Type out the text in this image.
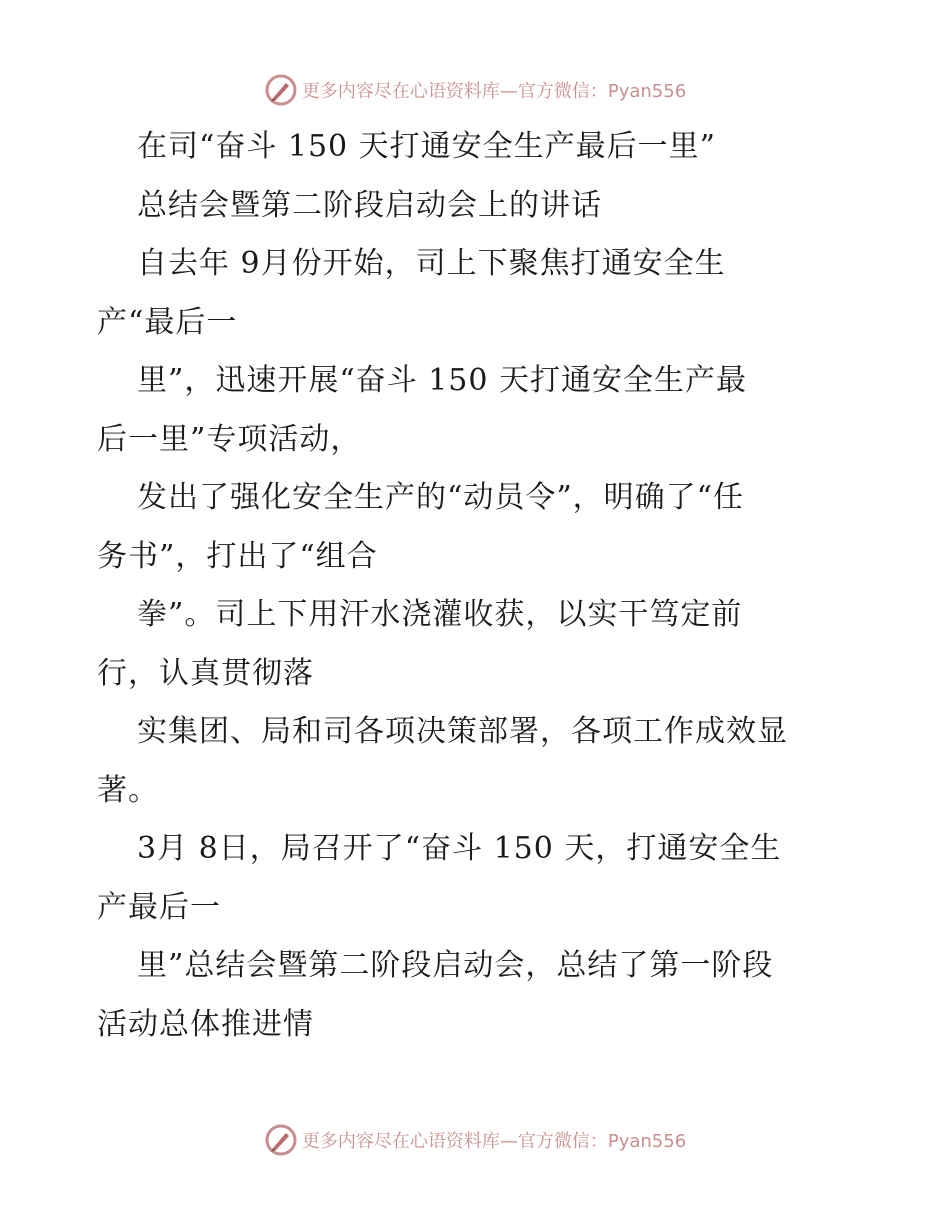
更多内容尽在心语资料库—官方微信：Pyan556
在司“奋斗 150 天打通安全生产最后一里”
总结会暨第二阶段启动会上的讲话
自去年 9月份开始，司上下聚焦打通安全生
产“最后一
里”，迅速开展“奋斗 150 天打通安全生产最
后一里”专项活动，
发出了强化安全生产的“动员令”，明确了“任
务书”，打出了“组合
拳”。司上下用汗水浇灌收获，以实干笃定前
行，认真贯彻落
实集团、局和司各项决策部署，各项工作成效显
著。
3月 8日，局召开了“奋斗 150 天，打通安全生
产最后一
里”总结会暨第二阶段启动会，总结了第一阶段
活动总体推进情
更多内容尽在心语资料库—官方微信：Pyan556
